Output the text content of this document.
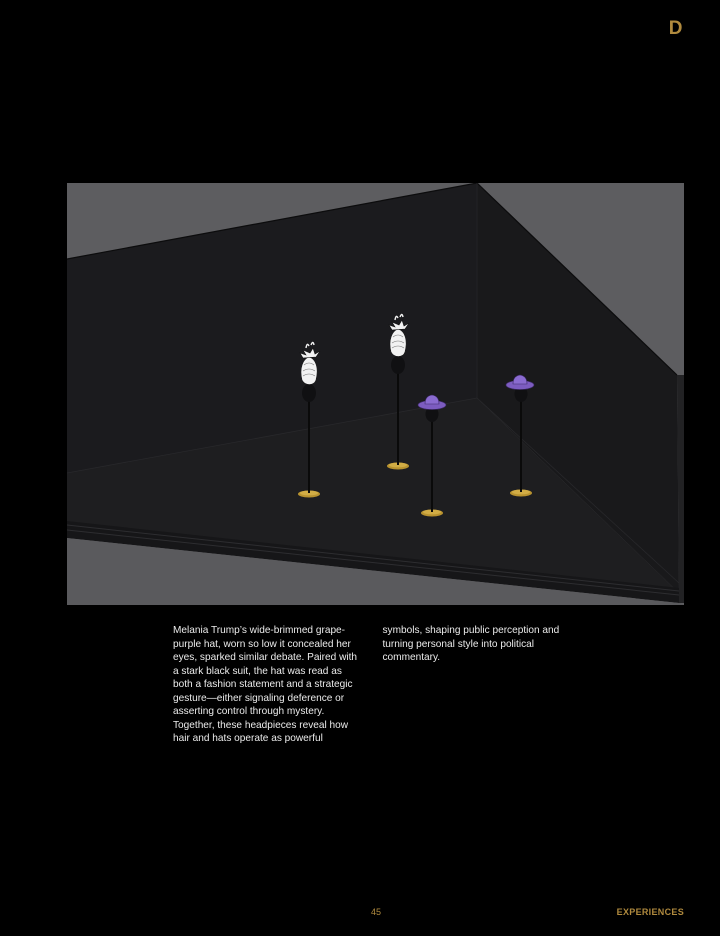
D

Melania Trump’s wide-brimmed grape-purple hat, worn so low it concealed her eyes, sparked similar debate. Paired with a stark black suit, the hat was read as both a fashion statement and a strategic gesture—either signaling deference or asserting control through mystery. Together, these headpieces reveal how hair and hats operate as powerful

symbols, shaping public perception and turning personal style into political commentary.

45	EXPERIENCES
